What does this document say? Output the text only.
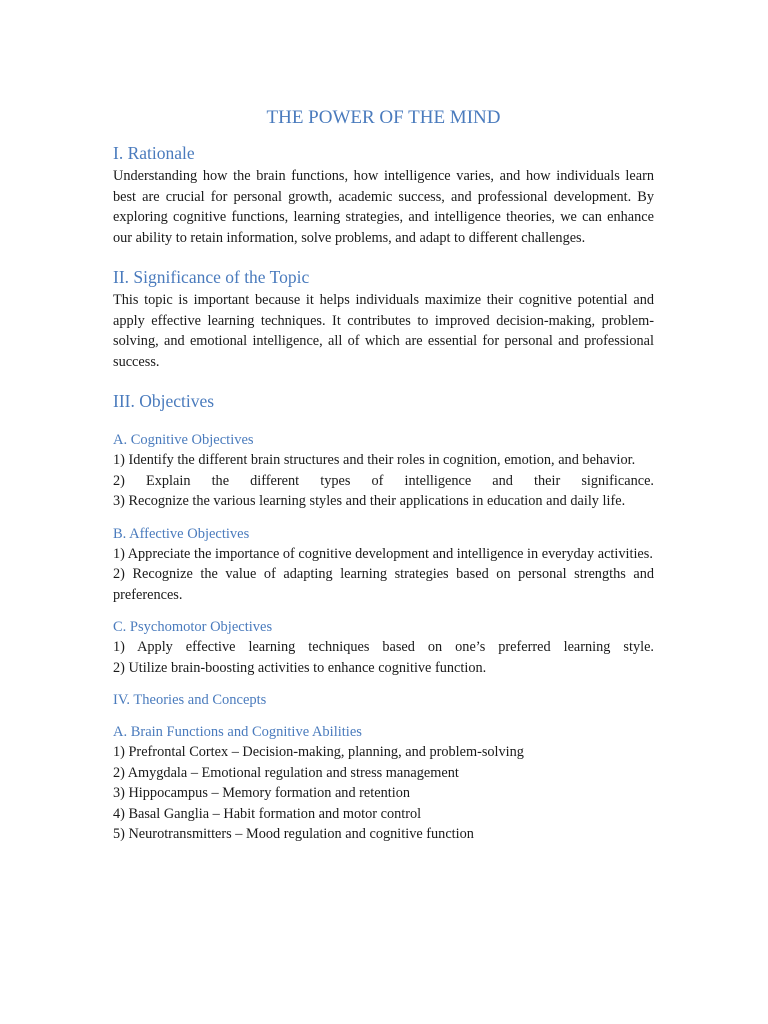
THE POWER OF THE MIND
I. Rationale

Understanding how the brain functions, how intelligence varies, and how individuals learn best are crucial for personal growth, academic success, and professional development. By exploring cognitive functions, learning strategies, and intelligence theories, we can enhance our ability to retain information, solve problems, and adapt to different challenges.

II. Significance of the Topic

This topic is important because it helps individuals maximize their cognitive potential and apply effective learning techniques. It contributes to improved decision-making, problem-solving, and emotional intelligence, all of which are essential for personal and professional success.

III. Objectives
A. Cognitive Objectives

1) Identify the different brain structures and their roles in cognition, emotion, and behavior.

2) Explain the different types of intelligence and their significance.

3) Recognize the various learning styles and their applications in education and daily life.

B. Affective Objectives

1) Appreciate the importance of cognitive development and intelligence in everyday activities.

2) Recognize the value of adapting learning strategies based on personal strengths and preferences.

C. Psychomotor Objectives

1) Apply effective learning techniques based on one’s preferred learning style.

2) Utilize brain-boosting activities to enhance cognitive function.

IV. Theories and Concepts
A. Brain Functions and Cognitive Abilities

1) Prefrontal Cortex – Decision-making, planning, and problem-solving

2) Amygdala – Emotional regulation and stress management

3) Hippocampus – Memory formation and retention

4) Basal Ganglia – Habit formation and motor control

5) Neurotransmitters – Mood regulation and cognitive function
